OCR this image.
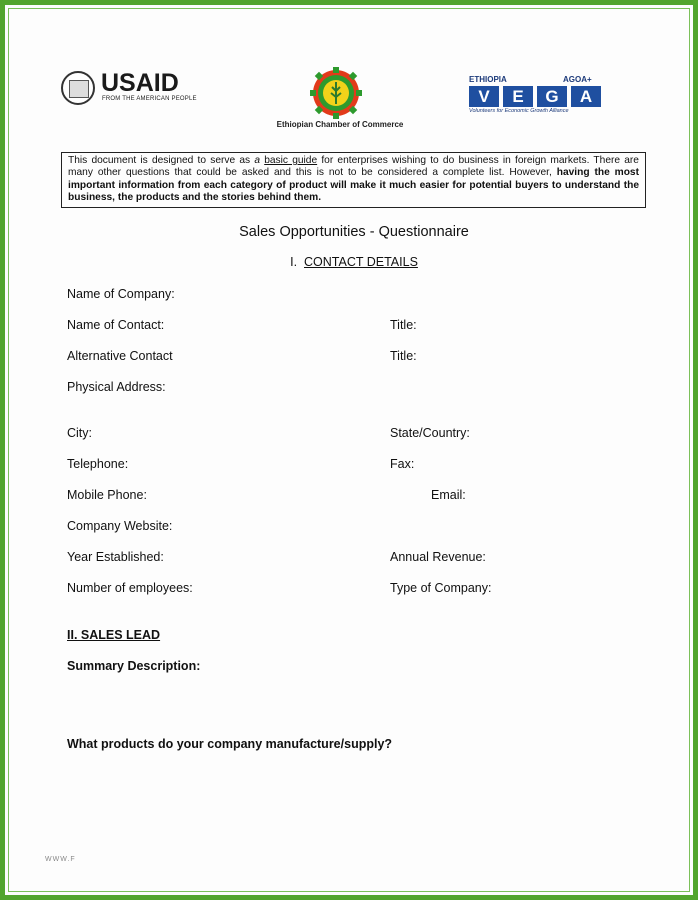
USAID
FROM THE AMERICAN PEOPLE
Ethiopian Chamber of Commerce
ETHIOPIA	AGOA+
V	E	G	A
Volunteers for Economic Growth Alliance
This document is designed to serve as a basic guide for enterprises wishing to do business in foreign markets. There are many other questions that could be asked and this is not to be considered a complete list. However, having the most important information from each category of product will make it much easier for potential buyers to understand the business, the products and the stories behind them.
Sales Opportunities - Questionnaire
I. CONTACT DETAILS
Name of Company:
Name of Contact:	Title:
Alternative Contact	Title:
Physical Address:
City:	State/Country:
Telephone:	Fax:
Mobile Phone:	Email:
Company Website:
Year Established:	Annual Revenue:
Number of employees:	Type of Company:
II. SALES LEAD
Summary Description:
What products do your company manufacture/supply?
WWW.F
